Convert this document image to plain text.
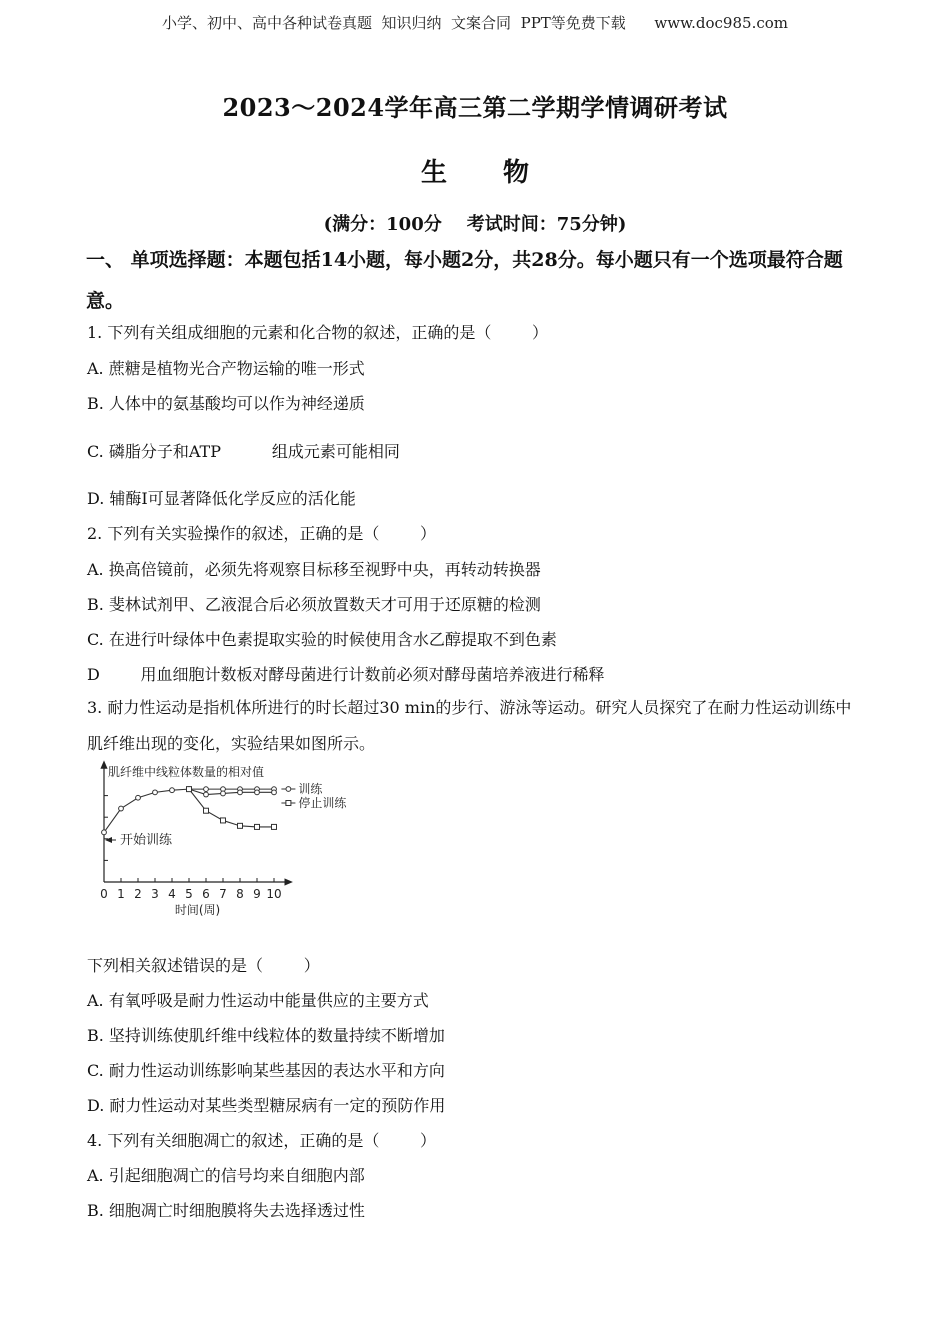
小学、初中、高中各种试卷真题  知识归纳  文案合同  PPT等免费下载      www.doc985.com
2023～2024学年高三第二学期学情调研考试
生物
(满分：100分    考试时间：75分钟)
一、 单项选择题：本题包括14小题，每小题2分，共28分。每小题只有一个选项最符合题意。
1. 下列有关组成细胞的元素和化合物的叙述，正确的是（        ）
A. 蔗糖是植物光合产物运输的唯一形式
B. 人体中的氨基酸均可以作为神经递质
C. 磷脂分子和ATP          组成元素可能相同
D. 辅酶Ⅰ可显著降低化学反应的活化能
2. 下列有关实验操作的叙述，正确的是（        ）
A. 换高倍镜前，必须先将观察目标移至视野中央，再转动转换器
B. 斐林试剂甲、乙液混合后必须放置数天才可用于还原糖的检测
C. 在进行叶绿体中色素提取实验的时候使用含水乙醇提取不到色素
D        用血细胞计数板对酵母菌进行计数前必须对酵母菌培养液进行稀释
3. 耐力性运动是指机体所进行的时长超过30 min的步行、游泳等运动。研究人员探究了在耐力性运动训练中肌纤维出现的变化，实验结果如图所示。
0 1 2 3 4 5 6 7 8 9 10
肌纤维中线粒体数量的相对值
时间(周)
训练
停止训练
开始训练
下列相关叙述错误的是（        ）
A. 有氧呼吸是耐力性运动中能量供应的主要方式
B. 坚持训练使肌纤维中线粒体的数量持续不断增加
C. 耐力性运动训练影响某些基因的表达水平和方向
D. 耐力性运动对某些类型糖尿病有一定的预防作用
4. 下列有关细胞凋亡的叙述，正确的是（        ）
A. 引起细胞凋亡的信号均来自细胞内部
B. 细胞凋亡时细胞膜将失去选择透过性
